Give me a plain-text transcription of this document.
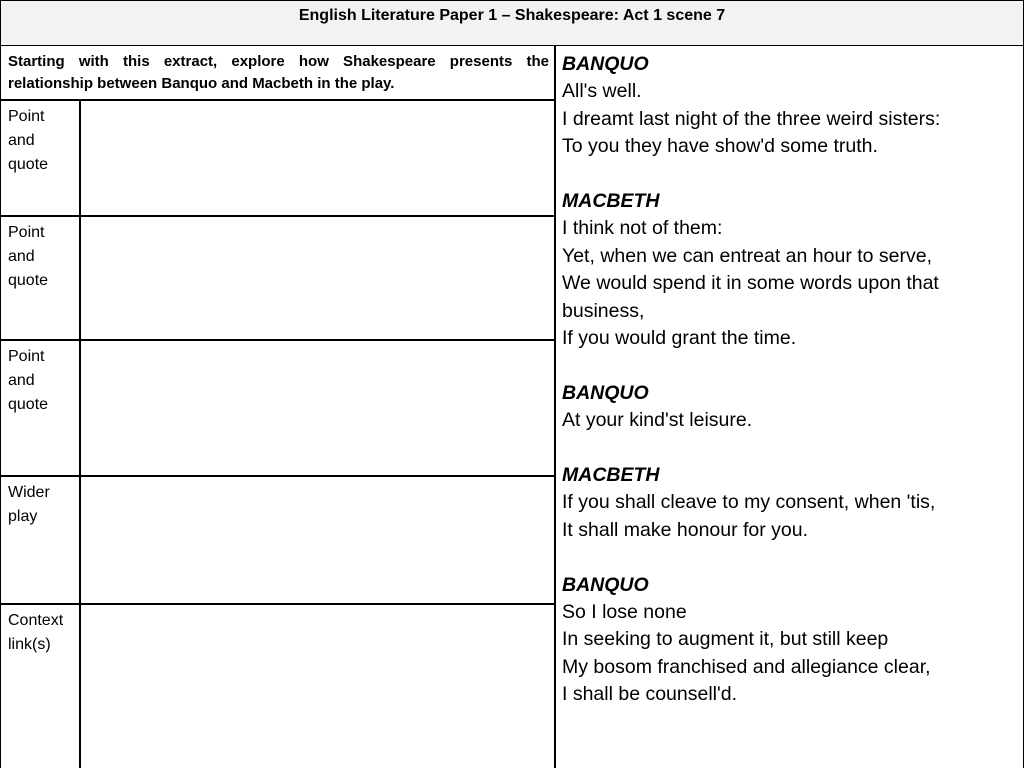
English Literature Paper 1 – Shakespeare: Act 1 scene 7
Starting with this extract, explore how Shakespeare presents the relationship between Banquo and Macbeth in the play.
Point
and
quote
Point
and
quote
Point
and
quote
Wider
play
Context
link(s)
BANQUO
All's well.
I dreamt last night of the three weird sisters:
To you they have show'd some truth.
MACBETH
I think not of them:
Yet, when we can entreat an hour to serve,
We would spend it in some words upon that
business,
If you would grant the time.
BANQUO
At your kind'st leisure.
MACBETH
If you shall cleave to my consent, when 'tis,
It shall make honour for you.
BANQUO
So I lose none
In seeking to augment it, but still keep
My bosom franchised and allegiance clear,
I shall be counsell'd.
